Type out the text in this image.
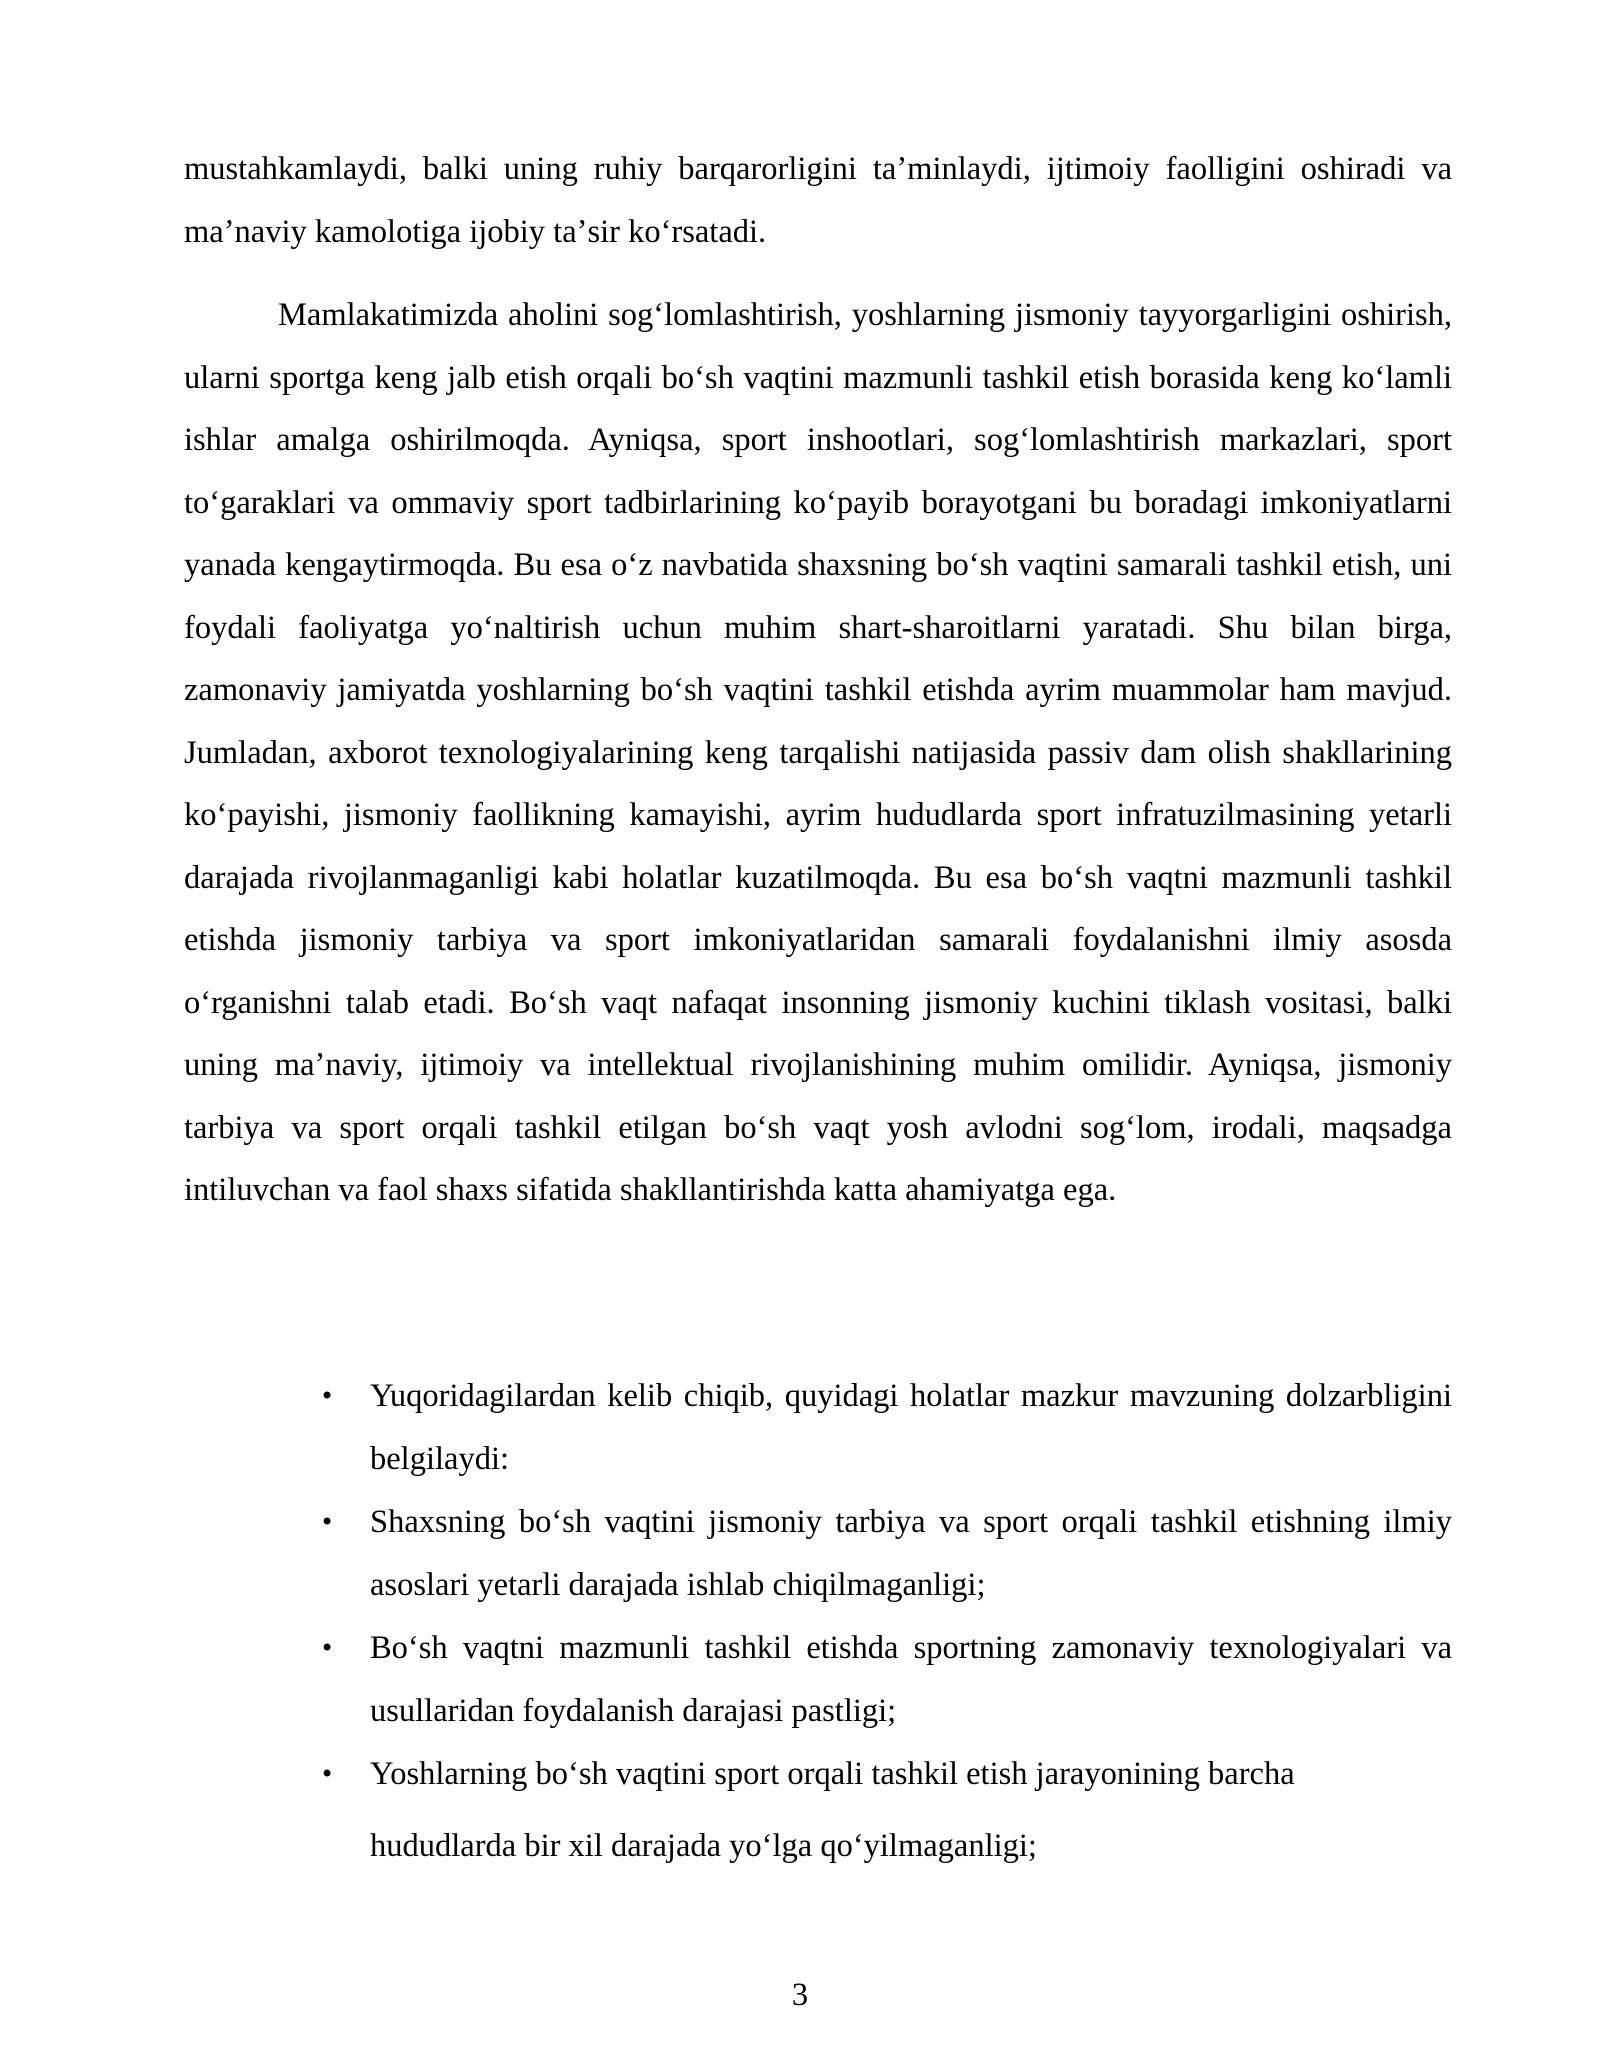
mustahkamlaydi, balki uning ruhiy barqarorligini taʼminlaydi, ijtimoiy faolligini oshiradi va maʼnaviy kamolotiga ijobiy taʼsir koʻrsatadi.

Mamlakatimizda aholini sogʻlomlashtirish, yoshlarning jismoniy tayyorgarligini oshirish, ularni sportga keng jalb etish orqali boʻsh vaqtini mazmunli tashkil etish borasida keng koʻlamli ishlar amalga oshirilmoqda. Ayniqsa, sport inshootlari, sogʻlomlashtirish markazlari, sport toʻgaraklari va ommaviy sport tadbirlarining koʻpayib borayotgani bu boradagi imkoniyatlarni yanada kengaytirmoqda. Bu esa oʻz navbatida shaxsning boʻsh vaqtini samarali tashkil etish, uni foydali faoliyatga yoʻnaltirish uchun muhim shart-sharoitlarni yaratadi. Shu bilan birga, zamonaviy jamiyatda yoshlarning boʻsh vaqtini tashkil etishda ayrim muammolar ham mavjud. Jumladan, axborot texnologiyalarining keng tarqalishi natijasida passiv dam olish shakllarining koʻpayishi, jismoniy faollikning kamayishi, ayrim hududlarda sport infratuzilmasining yetarli darajada rivojlanmaganligi kabi holatlar kuzatilmoqda. Bu esa boʻsh vaqtni mazmunli tashkil etishda jismoniy tarbiya va sport imkoniyatlaridan samarali foydalanishni ilmiy asosda oʻrganishni talab etadi. Boʻsh vaqt nafaqat insonning jismoniy kuchini tiklash vositasi, balki uning maʼnaviy, ijtimoiy va intellektual rivojlanishining muhim omilidir. Ayniqsa, jismoniy tarbiya va sport orqali tashkil etilgan boʻsh vaqt yosh avlodni sogʻlom, irodali, maqsadga intiluvchan va faol shaxs sifatida shakllantirishda katta ahamiyatga ega.

• Yuqoridagilardan kelib chiqib, quyidagi holatlar mazkur mavzuning dolzarbligini belgilaydi:
• Shaxsning boʻsh vaqtini jismoniy tarbiya va sport orqali tashkil etishning ilmiy asoslari yetarli darajada ishlab chiqilmaganligi;
• Boʻsh vaqtni mazmunli tashkil etishda sportning zamonaviy texnologiyalari va usullaridan foydalanish darajasi pastligi;
• Yoshlarning boʻsh vaqtini sport orqali tashkil etish jarayonining barcha
hududlarda bir xil darajada yoʻlga qoʻyilmaganligi;
3
